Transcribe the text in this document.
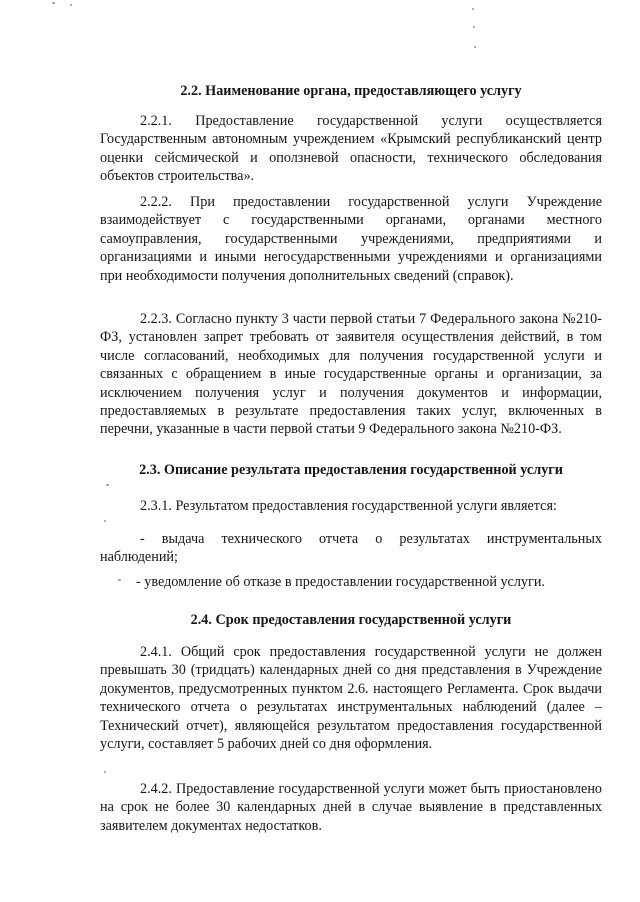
2.2. Наименование органа, предоставляющего услугу

2.2.1. Предоставление государственной услуги осуществляется Государственным автономным учреждением «Крымский республиканский центр оценки сейсмической и оползневой опасности, технического обследования объектов строительства».

2.2.2. При предоставлении государственной услуги Учреждение взаимодействует с государственными органами, органами местного самоуправления, государственными учреждениями, предприятиями и организациями и иными негосударственными учреждениями и организациями при необходимости получения дополнительных сведений (справок).

2.2.3. Согласно пункту 3 части первой статьи 7 Федерального закона №210-ФЗ, установлен запрет требовать от заявителя осуществления действий, в том числе согласований, необходимых для получения государственной услуги и связанных с обращением в иные государственные органы и организации, за исключением получения услуг и получения документов и информации, предоставляемых в результате предоставления таких услуг, включенных в перечни, указанные в части первой статьи 9 Федерального закона №210-ФЗ.

2.3. Описание результата предоставления государственной услуги

2.3.1. Результатом предоставления государственной услуги является:

- выдача технического отчета о результатах инструментальных наблюдений;

- уведомление об отказе в предоставлении государственной услуги.

2.4. Срок предоставления государственной услуги

2.4.1. Общий срок предоставления государственной услуги не должен превышать 30 (тридцать) календарных дней со дня представления в Учреждение документов, предусмотренных пунктом 2.6. настоящего Регламента. Срок выдачи технического отчета о результатах инструментальных наблюдений (далее – Технический отчет), являющейся результатом предоставления государственной услуги, составляет 5 рабочих дней со дня оформления.

2.4.2. Предоставление государственной услуги может быть приостановлено на срок не более 30 календарных дней в случае выявление в представленных заявителем документах недостатков.
